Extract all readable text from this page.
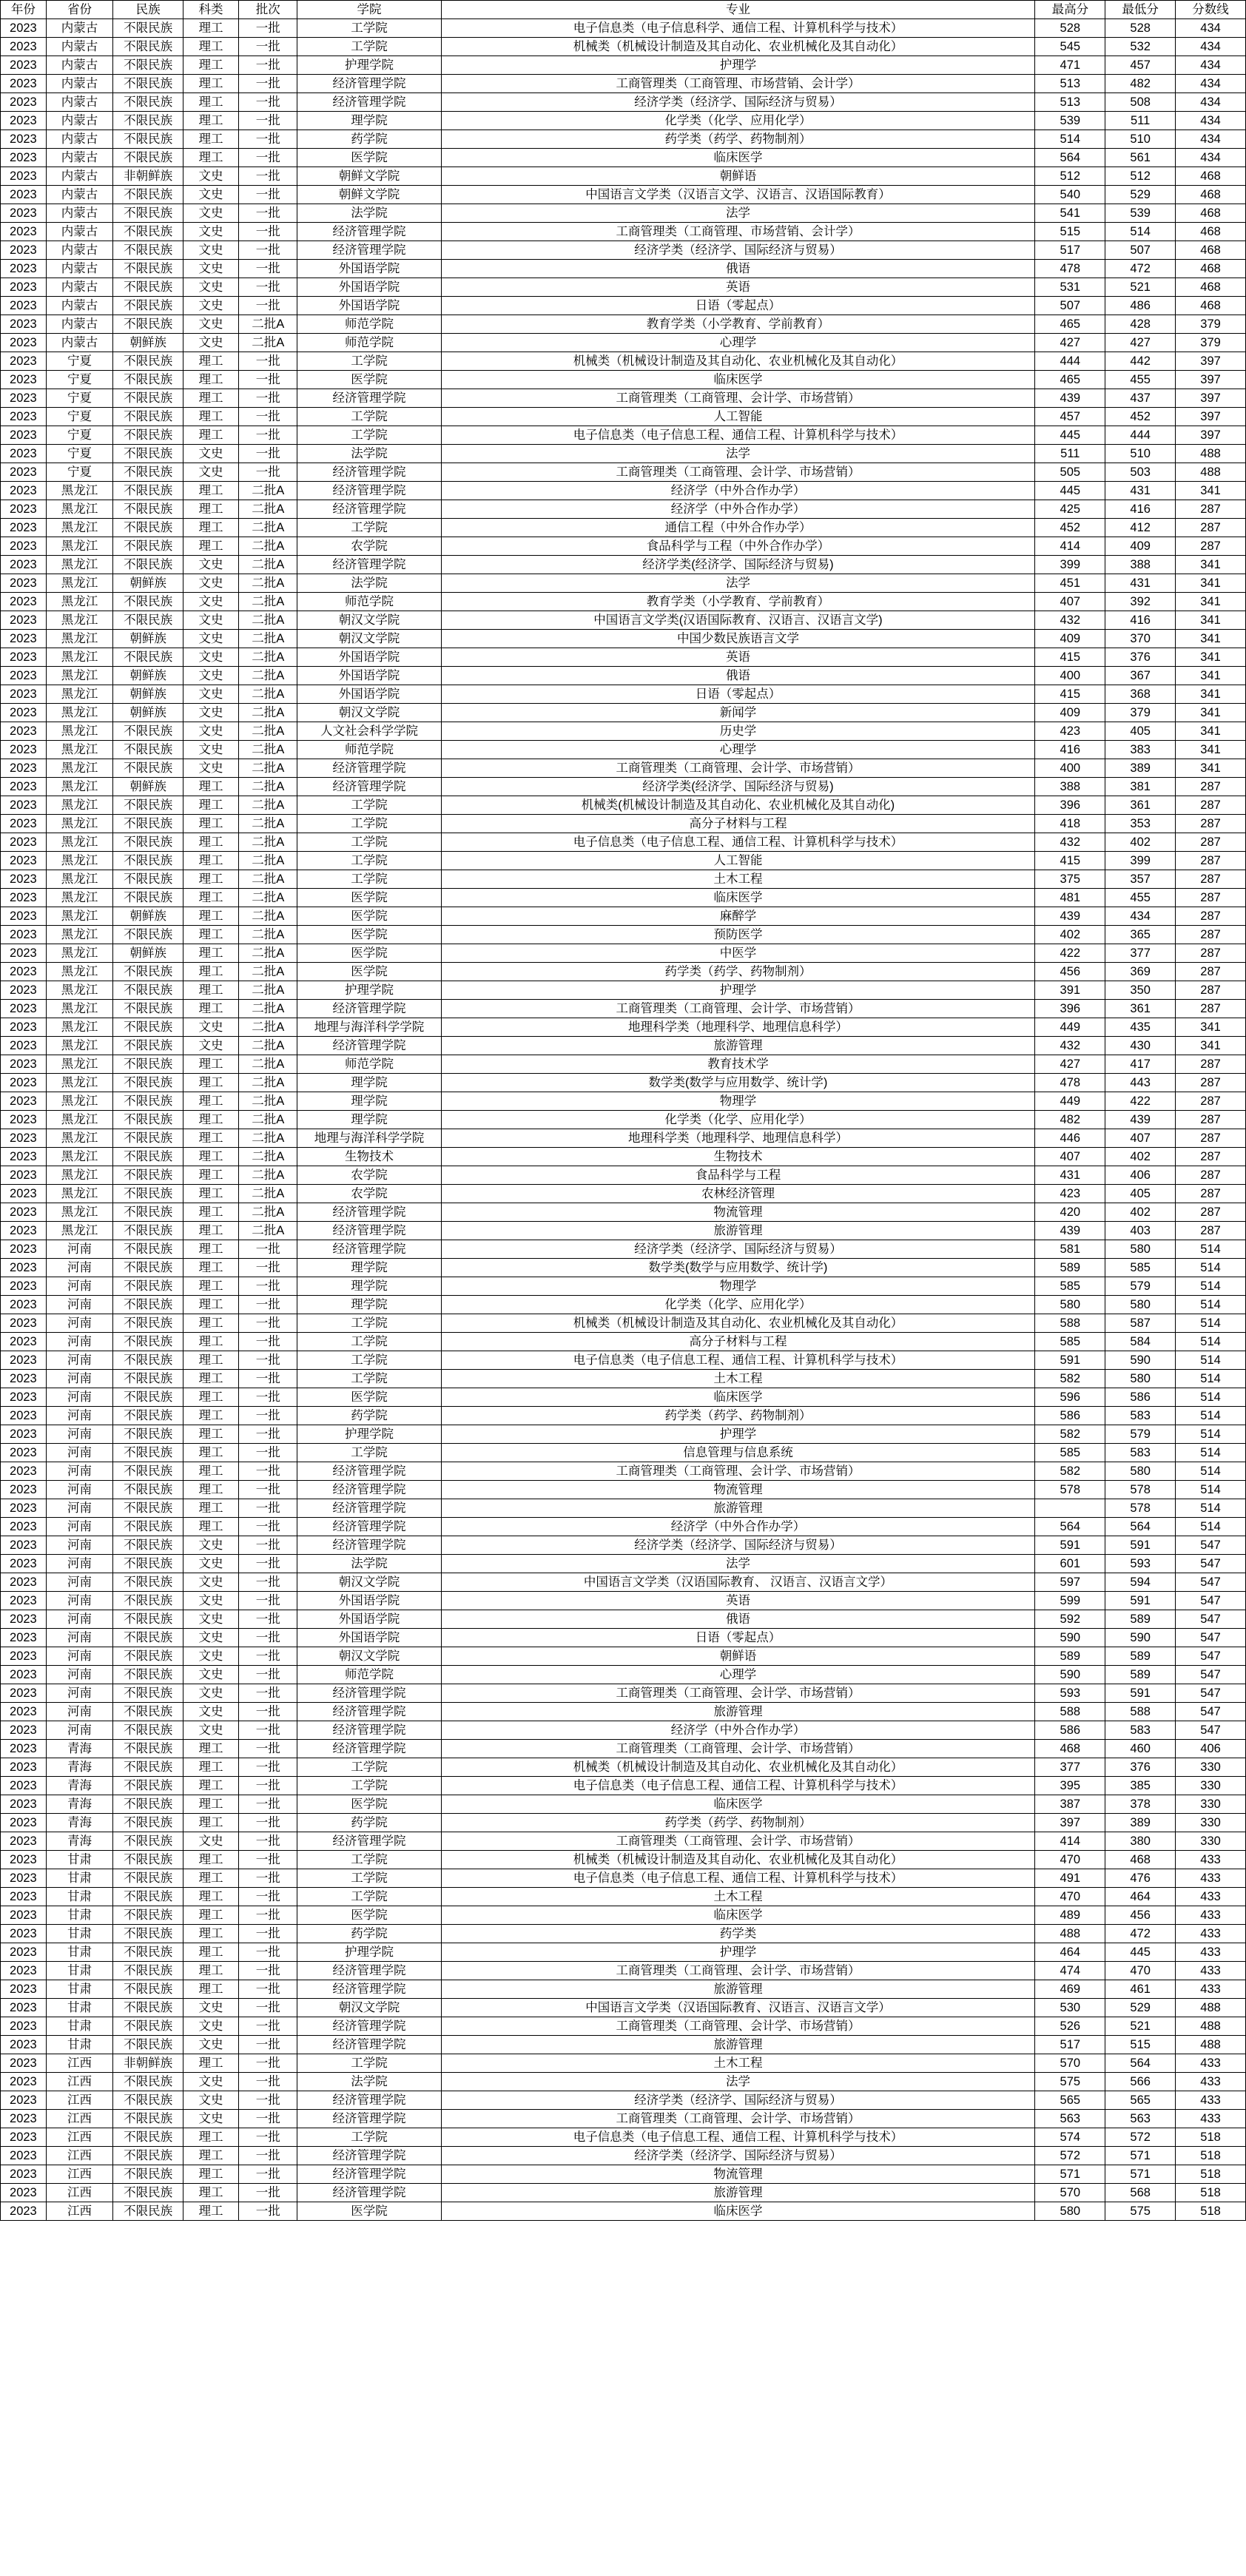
年份	省份	民族	科类	批次	学院	专业	最高分	最低分	分数线
2023	内蒙古	不限民族	理工	一批	工学院	电子信息类（电子信息科学、通信工程、计算机科学与技术）	528	528	434
2023	内蒙古	不限民族	理工	一批	工学院	机械类（机械设计制造及其自动化、农业机械化及其自动化）	545	532	434
2023	内蒙古	不限民族	理工	一批	护理学院	护理学	471	457	434
2023	内蒙古	不限民族	理工	一批	经济管理学院	工商管理类（工商管理、市场营销、会计学）	513	482	434
2023	内蒙古	不限民族	理工	一批	经济管理学院	经济学类（经济学、国际经济与贸易）	513	508	434
2023	内蒙古	不限民族	理工	一批	理学院	化学类（化学、应用化学）	539	511	434
2023	内蒙古	不限民族	理工	一批	药学院	药学类（药学、药物制剂）	514	510	434
2023	内蒙古	不限民族	理工	一批	医学院	临床医学	564	561	434
2023	内蒙古	非朝鲜族	文史	一批	朝鲜文学院	朝鲜语	512	512	468
2023	内蒙古	不限民族	文史	一批	朝鲜文学院	中国语言文学类（汉语言文学、汉语言、汉语国际教育）	540	529	468
2023	内蒙古	不限民族	文史	一批	法学院	法学	541	539	468
2023	内蒙古	不限民族	文史	一批	经济管理学院	工商管理类（工商管理、市场营销、会计学）	515	514	468
2023	内蒙古	不限民族	文史	一批	经济管理学院	经济学类（经济学、国际经济与贸易）	517	507	468
2023	内蒙古	不限民族	文史	一批	外国语学院	俄语	478	472	468
2023	内蒙古	不限民族	文史	一批	外国语学院	英语	531	521	468
2023	内蒙古	不限民族	文史	一批	外国语学院	日语（零起点）	507	486	468
2023	内蒙古	不限民族	文史	二批A	师范学院	教育学类（小学教育、学前教育）	465	428	379
2023	内蒙古	朝鲜族	文史	二批A	师范学院	心理学	427	427	379
2023	宁夏	不限民族	理工	一批	工学院	机械类（机械设计制造及其自动化、农业机械化及其自动化）	444	442	397
2023	宁夏	不限民族	理工	一批	医学院	临床医学	465	455	397
2023	宁夏	不限民族	理工	一批	经济管理学院	工商管理类（工商管理、会计学、市场营销）	439	437	397
2023	宁夏	不限民族	理工	一批	工学院	人工智能	457	452	397
2023	宁夏	不限民族	理工	一批	工学院	电子信息类（电子信息工程、通信工程、计算机科学与技术）	445	444	397
2023	宁夏	不限民族	文史	一批	法学院	法学	511	510	488
2023	宁夏	不限民族	文史	一批	经济管理学院	工商管理类（工商管理、会计学、市场营销）	505	503	488
2023	黑龙江	不限民族	理工	二批A	经济管理学院	经济学（中外合作办学）	445	431	341
2023	黑龙江	不限民族	理工	二批A	经济管理学院	经济学（中外合作办学）	425	416	287
2023	黑龙江	不限民族	理工	二批A	工学院	通信工程（中外合作办学）	452	412	287
2023	黑龙江	不限民族	理工	二批A	农学院	食品科学与工程（中外合作办学）	414	409	287
2023	黑龙江	不限民族	文史	二批A	经济管理学院	经济学类(经济学、国际经济与贸易)	399	388	341
2023	黑龙江	朝鲜族	文史	二批A	法学院	法学	451	431	341
2023	黑龙江	不限民族	文史	二批A	师范学院	教育学类（小学教育、学前教育）	407	392	341
2023	黑龙江	不限民族	文史	二批A	朝汉文学院	中国语言文学类(汉语国际教育、汉语言、汉语言文学)	432	416	341
2023	黑龙江	朝鲜族	文史	二批A	朝汉文学院	中国少数民族语言文学	409	370	341
2023	黑龙江	不限民族	文史	二批A	外国语学院	英语	415	376	341
2023	黑龙江	朝鲜族	文史	二批A	外国语学院	俄语	400	367	341
2023	黑龙江	朝鲜族	文史	二批A	外国语学院	日语（零起点）	415	368	341
2023	黑龙江	朝鲜族	文史	二批A	朝汉文学院	新闻学	409	379	341
2023	黑龙江	不限民族	文史	二批A	人文社会科学学院	历史学	423	405	341
2023	黑龙江	不限民族	文史	二批A	师范学院	心理学	416	383	341
2023	黑龙江	不限民族	文史	二批A	经济管理学院	工商管理类（工商管理、会计学、市场营销）	400	389	341
2023	黑龙江	朝鲜族	理工	二批A	经济管理学院	经济学类(经济学、国际经济与贸易)	388	381	287
2023	黑龙江	不限民族	理工	二批A	工学院	机械类(机械设计制造及其自动化、农业机械化及其自动化)	396	361	287
2023	黑龙江	不限民族	理工	二批A	工学院	高分子材料与工程	418	353	287
2023	黑龙江	不限民族	理工	二批A	工学院	电子信息类（电子信息工程、通信工程、计算机科学与技术）	432	402	287
2023	黑龙江	不限民族	理工	二批A	工学院	人工智能	415	399	287
2023	黑龙江	不限民族	理工	二批A	工学院	土木工程	375	357	287
2023	黑龙江	不限民族	理工	二批A	医学院	临床医学	481	455	287
2023	黑龙江	朝鲜族	理工	二批A	医学院	麻醉学	439	434	287
2023	黑龙江	不限民族	理工	二批A	医学院	预防医学	402	365	287
2023	黑龙江	朝鲜族	理工	二批A	医学院	中医学	422	377	287
2023	黑龙江	不限民族	理工	二批A	医学院	药学类（药学、药物制剂）	456	369	287
2023	黑龙江	不限民族	理工	二批A	护理学院	护理学	391	350	287
2023	黑龙江	不限民族	理工	二批A	经济管理学院	工商管理类（工商管理、会计学、市场营销）	396	361	287
2023	黑龙江	不限民族	文史	二批A	地理与海洋科学学院	地理科学类（地理科学、地理信息科学）	449	435	341
2023	黑龙江	不限民族	文史	二批A	经济管理学院	旅游管理	432	430	341
2023	黑龙江	不限民族	理工	二批A	师范学院	教育技术学	427	417	287
2023	黑龙江	不限民族	理工	二批A	理学院	数学类(数学与应用数学、统计学)	478	443	287
2023	黑龙江	不限民族	理工	二批A	理学院	物理学	449	422	287
2023	黑龙江	不限民族	理工	二批A	理学院	化学类（化学、应用化学）	482	439	287
2023	黑龙江	不限民族	理工	二批A	地理与海洋科学学院	地理科学类（地理科学、地理信息科学）	446	407	287
2023	黑龙江	不限民族	理工	二批A	生物技术	生物技术	407	402	287
2023	黑龙江	不限民族	理工	二批A	农学院	食品科学与工程	431	406	287
2023	黑龙江	不限民族	理工	二批A	农学院	农林经济管理	423	405	287
2023	黑龙江	不限民族	理工	二批A	经济管理学院	物流管理	420	402	287
2023	黑龙江	不限民族	理工	二批A	经济管理学院	旅游管理	439	403	287
2023	河南	不限民族	理工	一批	经济管理学院	经济学类（经济学、国际经济与贸易）	581	580	514
2023	河南	不限民族	理工	一批	理学院	数学类(数学与应用数学、统计学)	589	585	514
2023	河南	不限民族	理工	一批	理学院	物理学	585	579	514
2023	河南	不限民族	理工	一批	理学院	化学类（化学、应用化学）	580	580	514
2023	河南	不限民族	理工	一批	工学院	机械类（机械设计制造及其自动化、农业机械化及其自动化）	588	587	514
2023	河南	不限民族	理工	一批	工学院	高分子材料与工程	585	584	514
2023	河南	不限民族	理工	一批	工学院	电子信息类（电子信息工程、通信工程、计算机科学与技术）	591	590	514
2023	河南	不限民族	理工	一批	工学院	土木工程	582	580	514
2023	河南	不限民族	理工	一批	医学院	临床医学	596	586	514
2023	河南	不限民族	理工	一批	药学院	药学类（药学、药物制剂）	586	583	514
2023	河南	不限民族	理工	一批	护理学院	护理学	582	579	514
2023	河南	不限民族	理工	一批	工学院	信息管理与信息系统	585	583	514
2023	河南	不限民族	理工	一批	经济管理学院	工商管理类（工商管理、会计学、市场营销）	582	580	514
2023	河南	不限民族	理工	一批	经济管理学院	物流管理	578	578	514
2023	河南	不限民族	理工	一批	经济管理学院	旅游管理		578	514
2023	河南	不限民族	理工	一批	经济管理学院	经济学（中外合作办学）	564	564	514
2023	河南	不限民族	文史	一批	经济管理学院	经济学类（经济学、国际经济与贸易）	591	591	547
2023	河南	不限民族	文史	一批	法学院	法学	601	593	547
2023	河南	不限民族	文史	一批	朝汉文学院	中国语言文学类（汉语国际教育、 汉语言、汉语言文学）	597	594	547
2023	河南	不限民族	文史	一批	外国语学院	英语	599	591	547
2023	河南	不限民族	文史	一批	外国语学院	俄语	592	589	547
2023	河南	不限民族	文史	一批	外国语学院	日语（零起点）	590	590	547
2023	河南	不限民族	文史	一批	朝汉文学院	朝鲜语	589	589	547
2023	河南	不限民族	文史	一批	师范学院	心理学	590	589	547
2023	河南	不限民族	文史	一批	经济管理学院	工商管理类（工商管理、会计学、市场营销）	593	591	547
2023	河南	不限民族	文史	一批	经济管理学院	旅游管理	588	588	547
2023	河南	不限民族	文史	一批	经济管理学院	经济学（中外合作办学）	586	583	547
2023	青海	不限民族	理工	一批	经济管理学院	工商管理类（工商管理、会计学、市场营销）	468	460	406
2023	青海	不限民族	理工	一批	工学院	机械类（机械设计制造及其自动化、农业机械化及其自动化）	377	376	330
2023	青海	不限民族	理工	一批	工学院	电子信息类（电子信息工程、通信工程、计算机科学与技术）	395	385	330
2023	青海	不限民族	理工	一批	医学院	临床医学	387	378	330
2023	青海	不限民族	理工	一批	药学院	药学类（药学、药物制剂）	397	389	330
2023	青海	不限民族	文史	一批	经济管理学院	工商管理类（工商管理、会计学、市场营销）	414	380	330
2023	甘肃	不限民族	理工	一批	工学院	机械类（机械设计制造及其自动化、农业机械化及其自动化）	470	468	433
2023	甘肃	不限民族	理工	一批	工学院	电子信息类（电子信息工程、通信工程、计算机科学与技术）	491	476	433
2023	甘肃	不限民族	理工	一批	工学院	土木工程	470	464	433
2023	甘肃	不限民族	理工	一批	医学院	临床医学	489	456	433
2023	甘肃	不限民族	理工	一批	药学院	药学类	488	472	433
2023	甘肃	不限民族	理工	一批	护理学院	护理学	464	445	433
2023	甘肃	不限民族	理工	一批	经济管理学院	工商管理类（工商管理、会计学、市场营销）	474	470	433
2023	甘肃	不限民族	理工	一批	经济管理学院	旅游管理	469	461	433
2023	甘肃	不限民族	文史	一批	朝汉文学院	中国语言文学类（汉语国际教育、汉语言、汉语言文学）	530	529	488
2023	甘肃	不限民族	文史	一批	经济管理学院	工商管理类（工商管理、会计学、市场营销）	526	521	488
2023	甘肃	不限民族	文史	一批	经济管理学院	旅游管理	517	515	488
2023	江西	非朝鲜族	理工	一批	工学院	土木工程	570	564	433
2023	江西	不限民族	文史	一批	法学院	法学	575	566	433
2023	江西	不限民族	文史	一批	经济管理学院	经济学类（经济学、国际经济与贸易）	565	565	433
2023	江西	不限民族	文史	一批	经济管理学院	工商管理类（工商管理、会计学、市场营销）	563	563	433
2023	江西	不限民族	理工	一批	工学院	电子信息类（电子信息工程、通信工程、计算机科学与技术）	574	572	518
2023	江西	不限民族	理工	一批	经济管理学院	经济学类（经济学、国际经济与贸易）	572	571	518
2023	江西	不限民族	理工	一批	经济管理学院	物流管理	571	571	518
2023	江西	不限民族	理工	一批	经济管理学院	旅游管理	570	568	518
2023	江西	不限民族	理工	一批	医学院	临床医学	580	575	518
